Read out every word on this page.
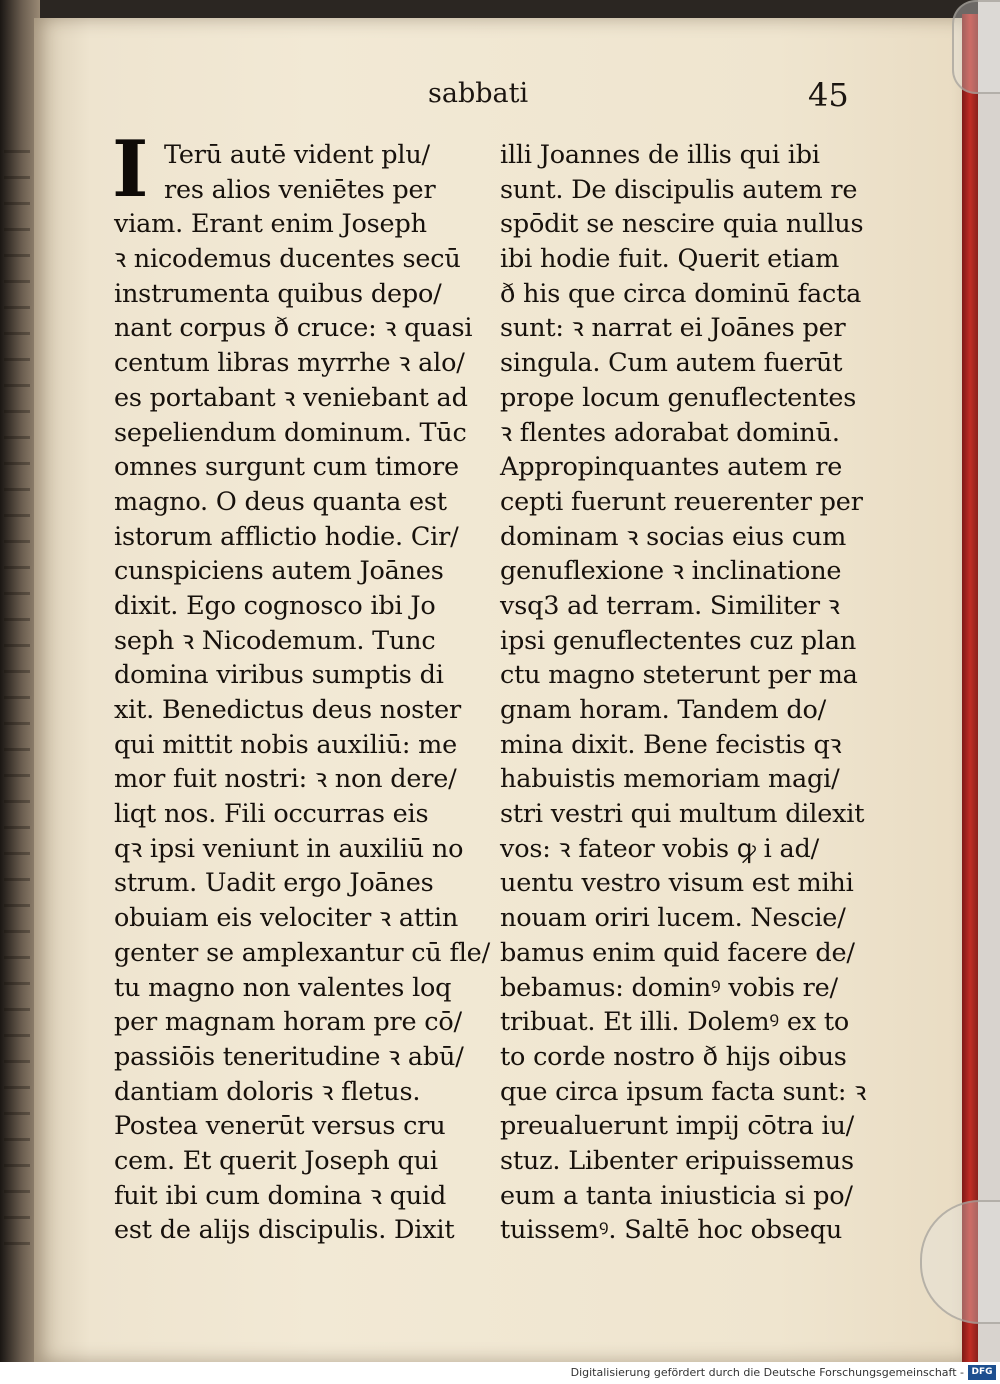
sabbati	45
I Terū autē vident plu/
res alios veniētes per
viam. Erant enim Joseph
ꝛ nicodemus ducentes secū
instrumenta quibus depo/
nant corpus ð cruce: ꝛ quasi
centum libras myrrhe ꝛ alo/
es portabant ꝛ veniebant ad
sepeliendum dominum. Tūc
omnes surgunt cum timore
magno. O deus quanta est
istorum afflictio hodie. Cir/
cunspiciens autem Joānes
dixit. Ego cognosco ibi Jo
seph ꝛ Nicodemum. Tunc
domina viribus sumptis di
xit. Benedictus deus noster
qui mittit nobis auxiliū: me
mor fuit nostri: ꝛ non dere/
liqt nos. Fili occurras eis
qꝛ ipsi veniunt in auxiliū no
strum. Uadit ergo Joānes
obuiam eis velociter ꝛ attin
genter se amplexantur cū fle/
tu magno non valentes loq
per magnam horam pre cō/
passiōis teneritudine ꝛ abū/
dantiam doloris ꝛ fletus.
Postea venerūt versus cru
cem. Et querit Joseph qui
fuit ibi cum domina ꝛ quid
est de alijs discipulis. Dixit
illi Joannes de illis qui ibi
sunt. De discipulis autem re
spōdit se nescire quia nullus
ibi hodie fuit. Querit etiam
ð his que circa dominū facta
sunt: ꝛ narrat ei Joānes per
singula. Cum autem fuerūt
prope locum genuflectentes
ꝛ flentes adorabat dominū.
Appropinquantes autem re
cepti fuerunt reuerenter per
dominam ꝛ socias eius cum
genuflexione ꝛ inclinatione
vsq3 ad terram. Similiter ꝛ
ipsi genuflectentes cuz plan
ctu magno steterunt per ma
gnam horam. Tandem do/
mina dixit. Bene fecistis qꝛ
habuistis memoriam magi/
stri vestri qui multum dilexit
vos: ꝛ fateor vobis ꝙ i ad/
uentu vestro visum est mihi
nouam oriri lucem. Nescie/
bamus enim quid facere de/
bebamus: dominꝰ vobis re/
tribuat. Et illi. Dolemꝰ ex to
to corde nostro ð hijs oibus
que circa ipsum facta sunt: ꝛ
preualuerunt impij cōtra iu/
stuz. Libenter eripuissemus
eum a tanta iniusticia si po/
tuissemꝰ. Saltē hoc obsequ
Digitalisierung gefördert durch die Deutsche Forschungsgemeinschaft - DFG
